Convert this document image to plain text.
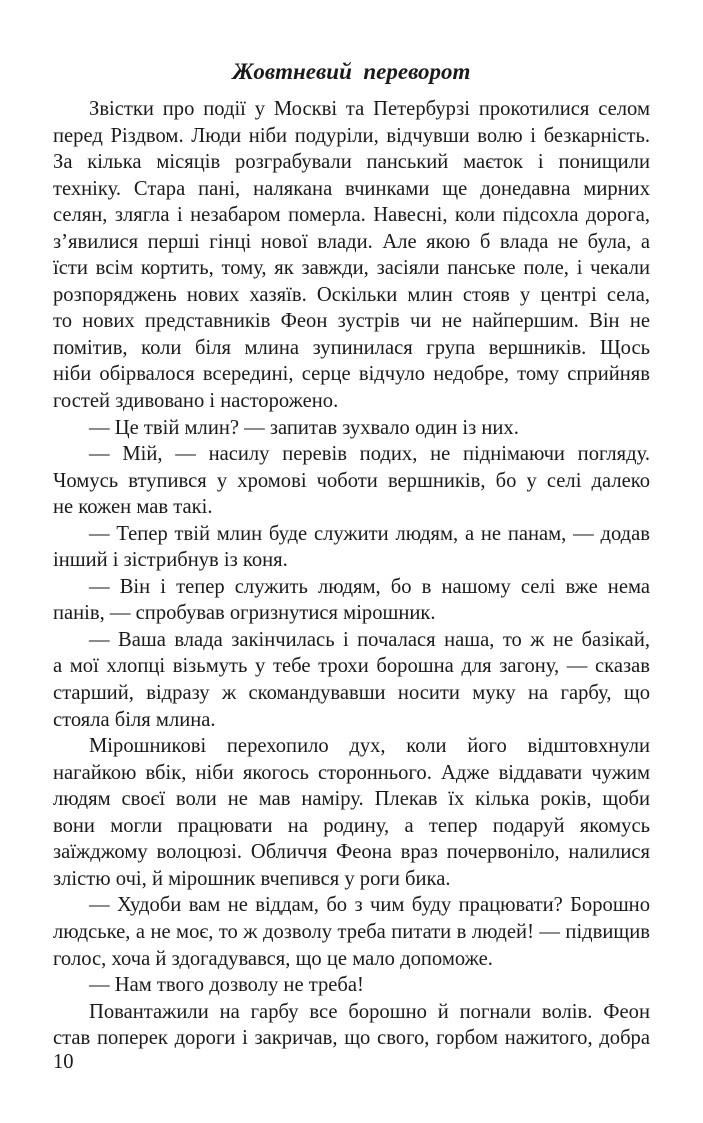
Жовтневий  переворот
Звістки про події у Москві та Петербурзі прокотилися селом
перед Різдвом. Люди ніби подуріли, відчувши волю і безкарність.
За кілька місяців розграбували панський маєток і понищили
техніку. Стара пані, налякана вчинками ще донедавна мирних
селян, злягла і незабаром померла. Навесні, коли підсохла дорога,
з’явилися перші гінці нової влади. Але якою б влада не була, а
їсти всім кортить, тому, як завжди, засіяли панське поле, і чекали
розпоряджень нових хазяїв. Оскільки млин стояв у центрі села,
то нових представників Феон зустрів чи не найпершим. Він не
помітив, коли біля млина зупинилася група вершників. Щось
ніби обірвалося всередині, серце відчуло недобре, тому сприйняв
гостей здивовано і насторожено.
— Це твій млин? — запитав зухвало один із них.
— Мій, — насилу перевів подих, не піднімаючи погляду.
Чомусь втупився у хромові чоботи вершників, бо у селі далеко
не кожен мав такі.
— Тепер твій млин буде служити людям, а не панам, — додав
інший і зістрибнув із коня.
— Він і тепер служить людям, бо в нашому селі вже нема
панів, — спробував огризнутися мірошник.
— Ваша влада закінчилась і почалася наша, то ж не базікай,
а мої хлопці візьмуть у тебе трохи борошна для загону, — сказав
старший, відразу ж скомандувавши носити муку на гарбу, що
стояла біля млина.
Мірошникові перехопило дух, коли його відштовхнули
нагайкою вбік, ніби якогось стороннього. Адже віддавати чужим
людям своєї воли не мав наміру. Плекав їх кілька років, щоби
вони могли працювати на родину, а тепер подаруй якомусь
заїжджому волоцюзі. Обличчя Феона враз почервоніло, налилися
злістю очі, й мірошник вчепився у роги бика.
— Худоби вам не віддам, бо з чим буду працювати? Борошно
людське, а не моє, то ж дозволу треба питати в людей! — підвищив
голос, хоча й здогадувався, що це мало допоможе.
— Нам твого дозволу не треба!
Повантажили на гарбу все борошно й погнали волів. Феон
став поперек дороги і закричав, що свого, горбом нажитого, добра

10
